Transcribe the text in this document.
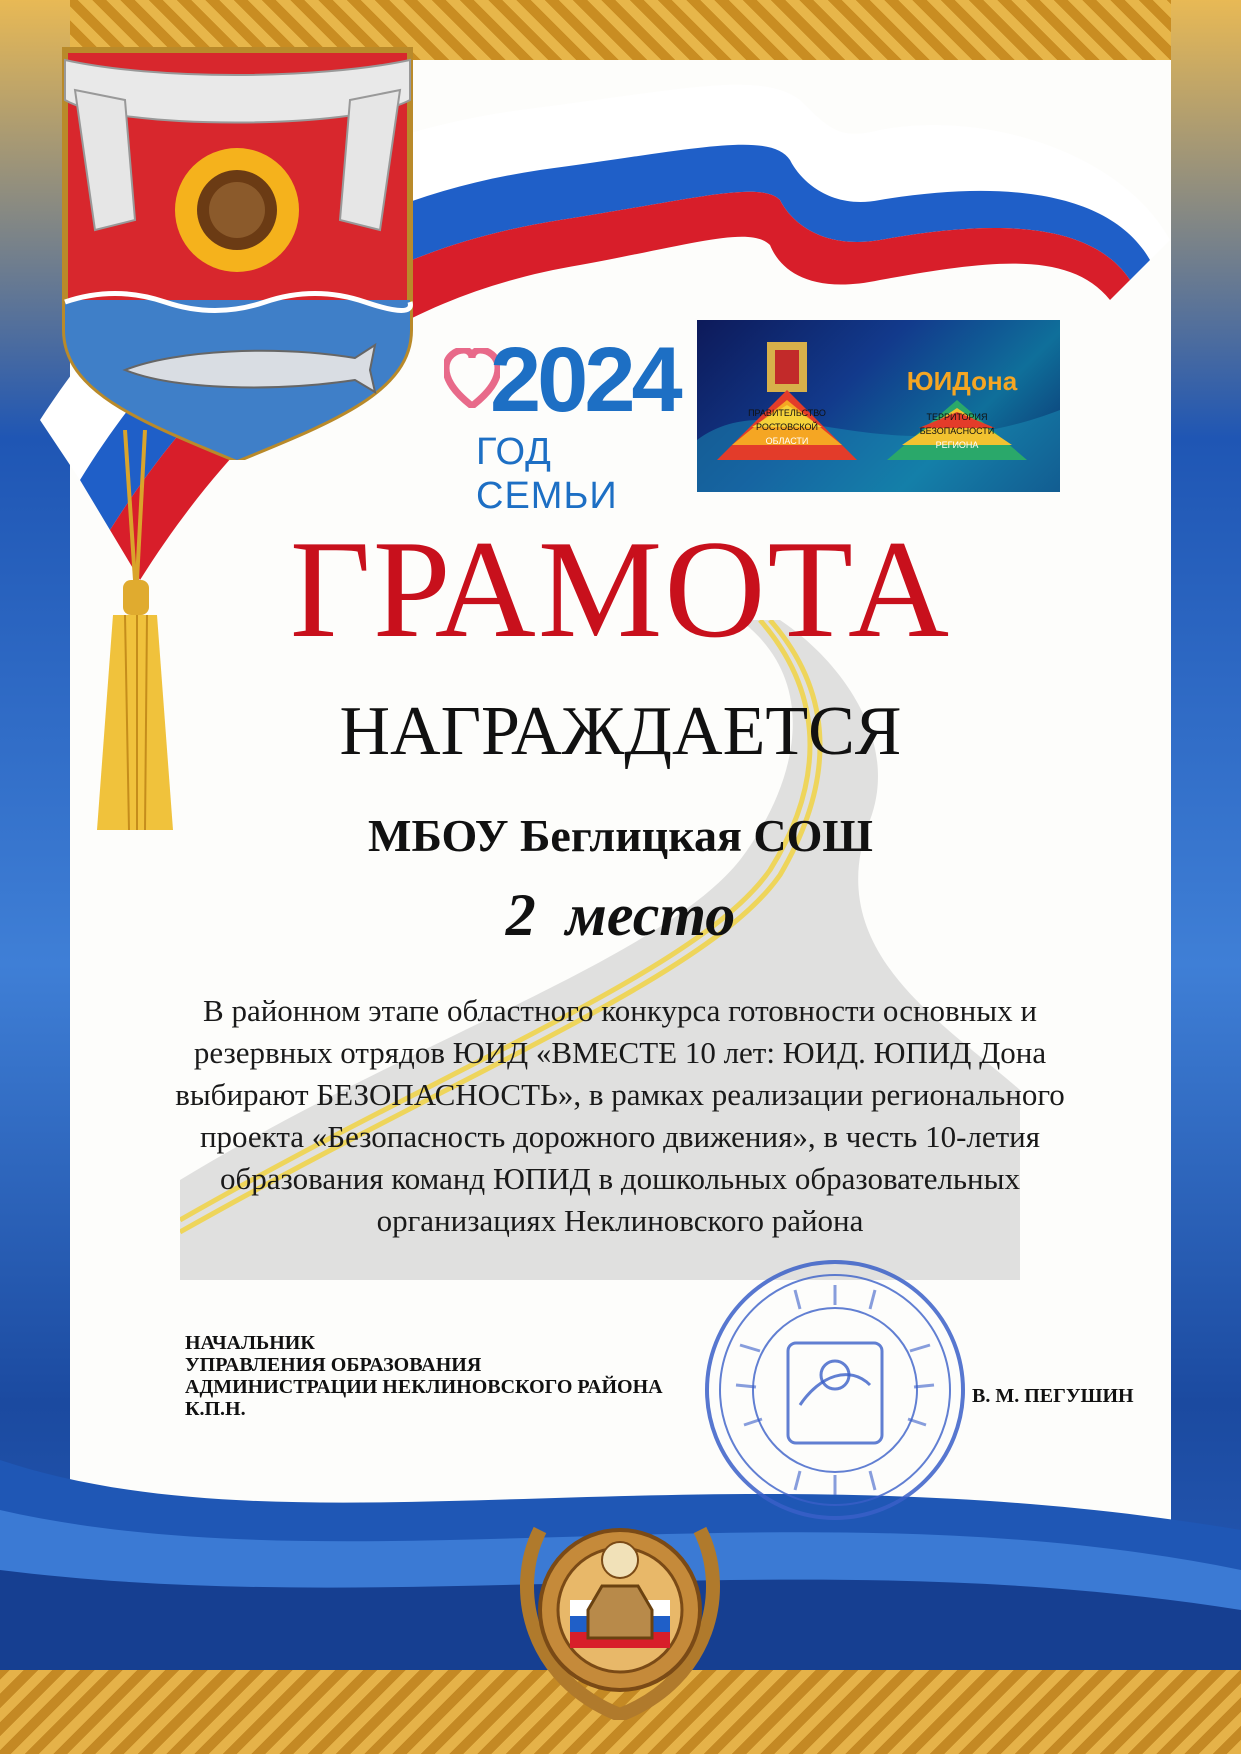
2024
ГОД СЕМЬИ
ПРАВИТЕЛЬСТВО
РОСТОВСКОЙ
ОБЛАСТИ
ЮИДона
ТЕРРИТОРИЯ
БЕЗОПАСНОСТИ
РЕГИОНА
ГРАМОТА
НАГРАЖДАЕТСЯ
МБОУ Беглицкая СОШ
2  место
В районном этапе областного конкурса готовности основных и резервных отрядов ЮИД «ВМЕСТЕ 10 лет: ЮИД. ЮПИД Дона выбирают БЕЗОПАСНОСТЬ», в рамках реализации регионального проекта «Безопасность дорожного движения», в честь 10-летия образования команд ЮПИД в дошкольных образовательных организациях Неклиновского района
НАЧАЛЬНИК
УПРАВЛЕНИЯ ОБРАЗОВАНИЯ
АДМИНИСТРАЦИИ НЕКЛИНОВСКОГО РАЙОНА
К.П.Н.
В. М. ПЕГУШИН
